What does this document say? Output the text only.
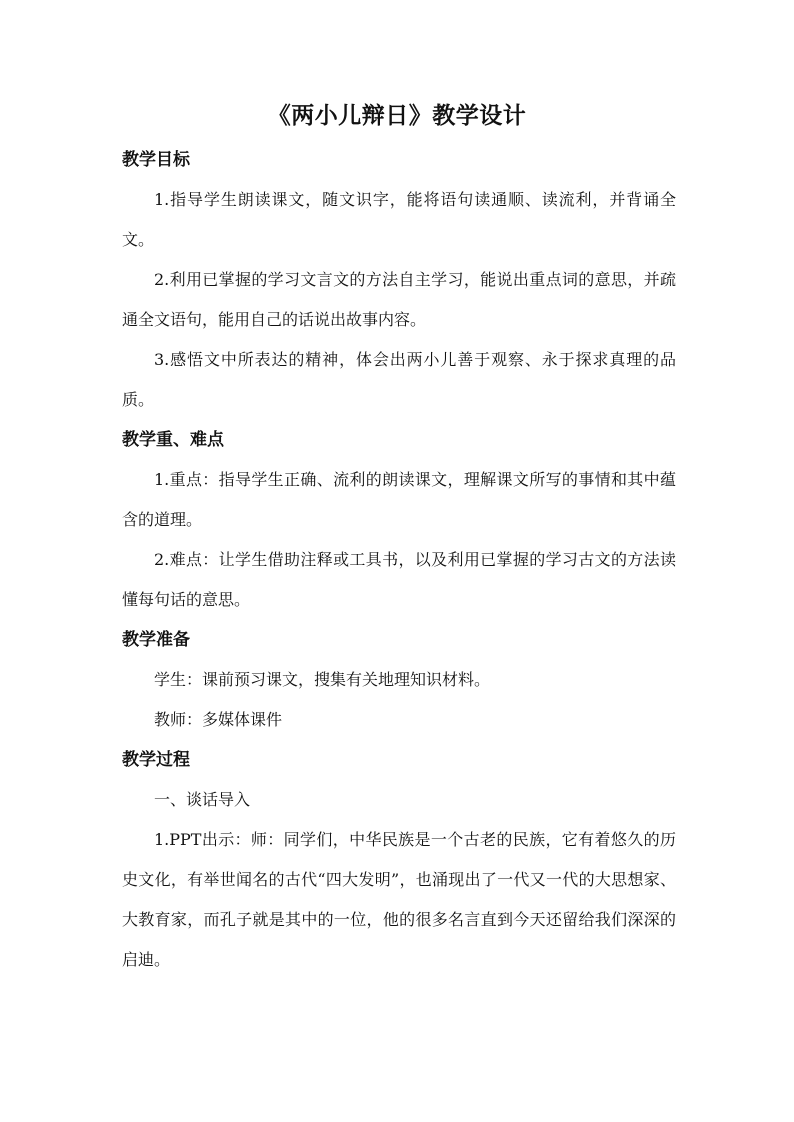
《两小儿辩日》教学设计
教学目标

1.指导学生朗读课文，随文识字，能将语句读通顺、读流利，并背诵全文。

2.利用已掌握的学习文言文的方法自主学习，能说出重点词的意思，并疏通全文语句，能用自己的话说出故事内容。

3.感悟文中所表达的精神，体会出两小儿善于观察、永于探求真理的品质。

教学重、难点

1.重点：指导学生正确、流利的朗读课文，理解课文所写的事情和其中蕴含的道理。

2.难点：让学生借助注释或工具书，以及利用已掌握的学习古文的方法读懂每句话的意思。

教学准备

学生：课前预习课文，搜集有关地理知识材料。

教师：多媒体课件

教学过程

一、谈话导入

1.PPT出示：师：同学们，中华民族是一个古老的民族，它有着悠久的历史文化，有举世闻名的古代“四大发明”，也涌现出了一代又一代的大思想家、大教育家，而孔子就是其中的一位，他的很多名言直到今天还留给我们深深的启迪。
